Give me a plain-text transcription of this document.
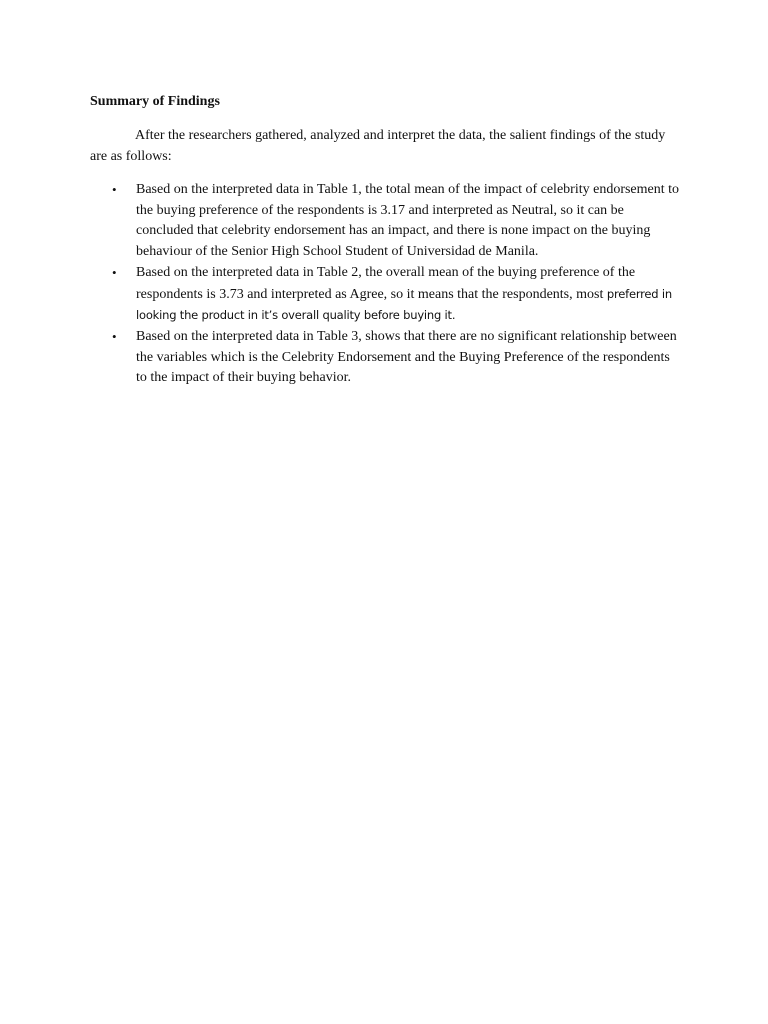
Summary of Findings

After the researchers gathered, analyzed and interpret the data, the salient findings of the study are as follows:

• Based on the interpreted data in Table 1, the total mean of the impact of celebrity endorsement to the buying preference of the respondents is 3.17 and interpreted as Neutral, so it can be concluded that celebrity endorsement has an impact, and there is none impact on the buying behaviour of the Senior High School Student of Universidad de Manila.
• Based on the interpreted data in Table 2, the overall mean of the buying preference of the respondents is 3.73 and interpreted as Agree, so it means that the respondents, most preferred in looking the product in it’s overall quality before buying it.
• Based on the interpreted data in Table 3, shows that there are no significant relationship between the variables which is the Celebrity Endorsement and the Buying Preference of the respondents to the impact of their buying behavior.
